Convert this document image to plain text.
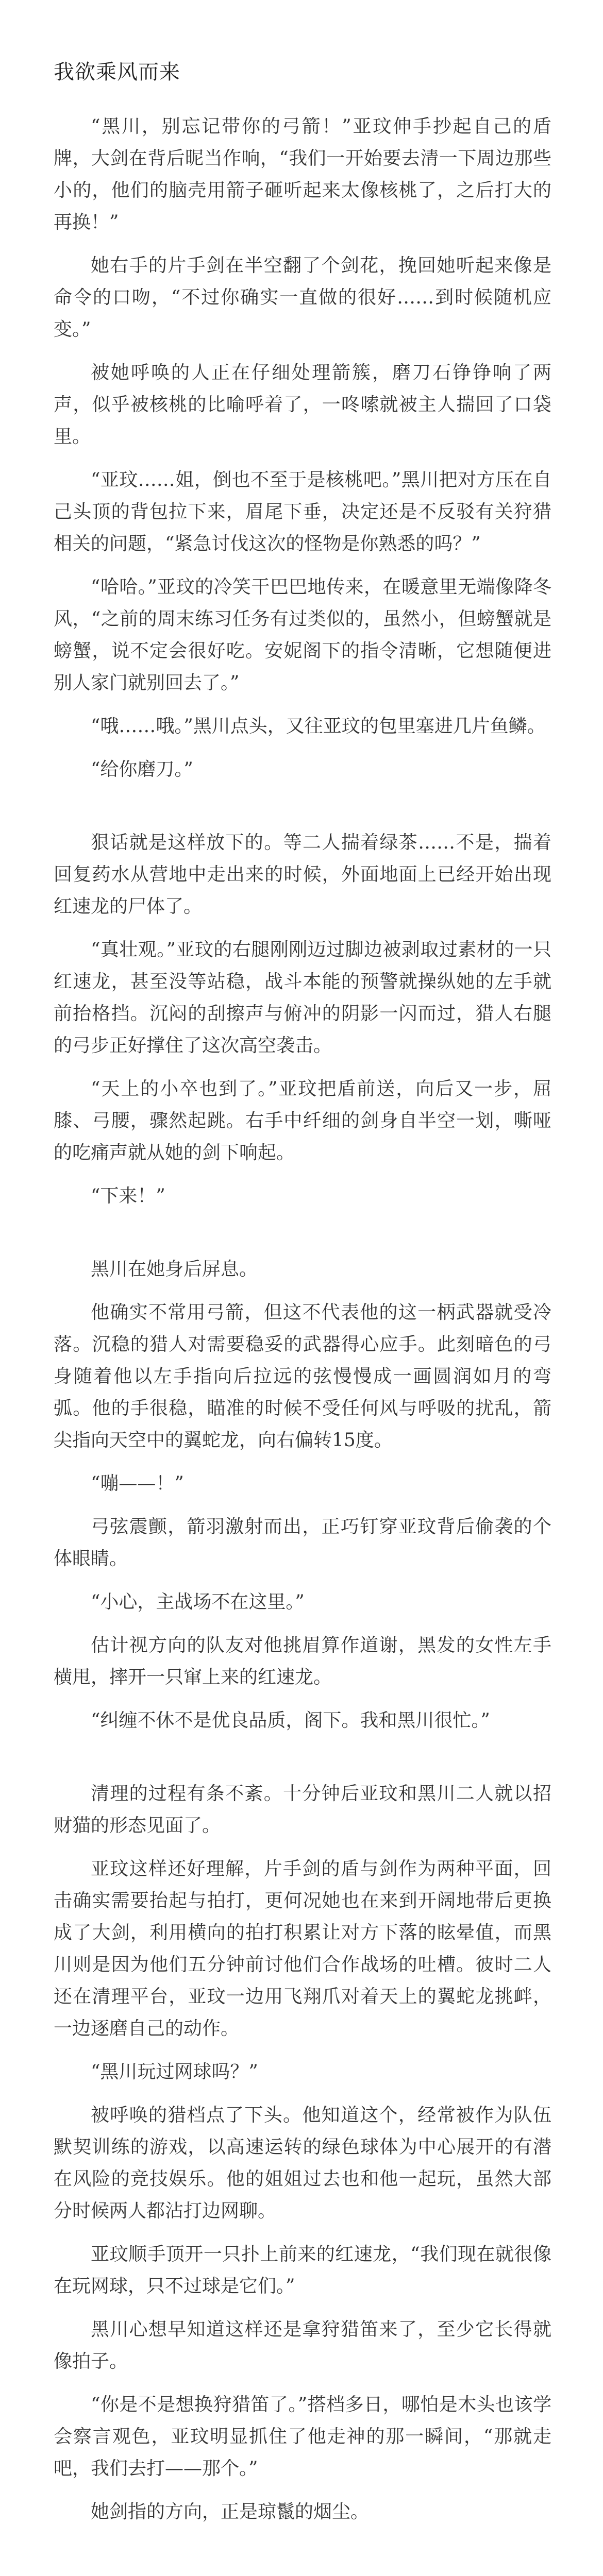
我欲乘风而来

“黑川，别忘记带你的弓箭！”亚玟伸手抄起自己的盾牌，大剑在背后昵当作响，“我们一开始要去清一下周边那些小的，他们的脑壳用箭子砸听起来太像核桃了，之后打大的再换！”

她右手的片手剑在半空翻了个剑花，挽回她听起来像是命令的口吻，“不过你确实一直做的很好……到时候随机应变。”

被她呼唤的人正在仔细处理箭簇，磨刀石铮铮响了两声，似乎被核桃的比喻呼着了，一咚嗦就被主人揣回了口袋里。

“亚玟……姐，倒也不至于是核桃吧。”黑川把对方压在自己头顶的背包拉下来，眉尾下垂，决定还是不反驳有关狩猎相关的问题，“紧急讨伐这次的怪物是你熟悉的吗？”

“哈哈。”亚玟的冷笑干巴巴地传来，在暖意里无端像降冬风，“之前的周末练习任务有过类似的，虽然小，但螃蟹就是螃蟹，说不定会很好吃。安妮阁下的指令清晰，它想随便进别人家门就别回去了。”

“哦……哦。”黑川点头，又往亚玟的包里塞进几片鱼鳞。

“给你磨刀。”

狠话就是这样放下的。等二人揣着绿茶……不是，揣着回复药水从营地中走出来的时候，外面地面上已经开始出现红速龙的尸体了。

“真壮观。”亚玟的右腿刚刚迈过脚边被剥取过素材的一只红速龙，甚至没等站稳，战斗本能的预警就操纵她的左手就前抬格挡。沉闷的刮擦声与俯冲的阴影一闪而过，猎人右腿的弓步正好撑住了这次高空袭击。

“天上的小卒也到了。”亚玟把盾前送，向后又一步，屈膝、弓腰，骤然起跳。右手中纤细的剑身自半空一划，嘶哑的吃痛声就从她的剑下响起。

“下来！”

黑川在她身后屏息。

他确实不常用弓箭，但这不代表他的这一柄武器就受冷落。沉稳的猎人对需要稳妥的武器得心应手。此刻暗色的弓身随着他以左手指向后拉远的弦慢慢成一画圆润如月的弯弧。他的手很稳，瞄准的时候不受任何风与呼吸的扰乱，箭尖指向天空中的翼蛇龙，向右偏转15度。

“嘣——！”

弓弦震颤，箭羽激射而出，正巧钉穿亚玟背后偷袭的个体眼睛。

“小心，主战场不在这里。”

估计视方向的队友对他挑眉算作道谢，黑发的女性左手横甩，摔开一只窜上来的红速龙。

“纠缠不休不是优良品质，阁下。我和黑川很忙。”

清理的过程有条不紊。十分钟后亚玟和黑川二人就以招财猫的形态见面了。

亚玟这样还好理解，片手剑的盾与剑作为两种平面，回击确实需要抬起与拍打，更何况她也在来到开阔地带后更换成了大剑，利用横向的拍打积累让对方下落的眩晕值，而黑川则是因为他们五分钟前讨他们合作战场的吐槽。彼时二人还在清理平台，亚玟一边用飞翔爪对着天上的翼蛇龙挑衅，一边逐磨自己的动作。

“黑川玩过网球吗？”

被呼唤的猎档点了下头。他知道这个，经常被作为队伍默契训练的游戏，以高速运转的绿色球体为中心展开的有潜在风险的竞技娱乐。他的姐姐过去也和他一起玩，虽然大部分时候两人都沾打边网聊。

亚玟顺手顶开一只扑上前来的红速龙，“我们现在就很像在玩网球，只不过球是它们。”

黑川心想早知道这样还是拿狩猎笛来了，至少它长得就像拍子。

“你是不是想换狩猎笛了。”搭档多日，哪怕是木头也该学会察言观色，亚玟明显抓住了他走神的那一瞬间，“那就走吧，我们去打——那个。”

她剑指的方向，正是琼鬣的烟尘。
